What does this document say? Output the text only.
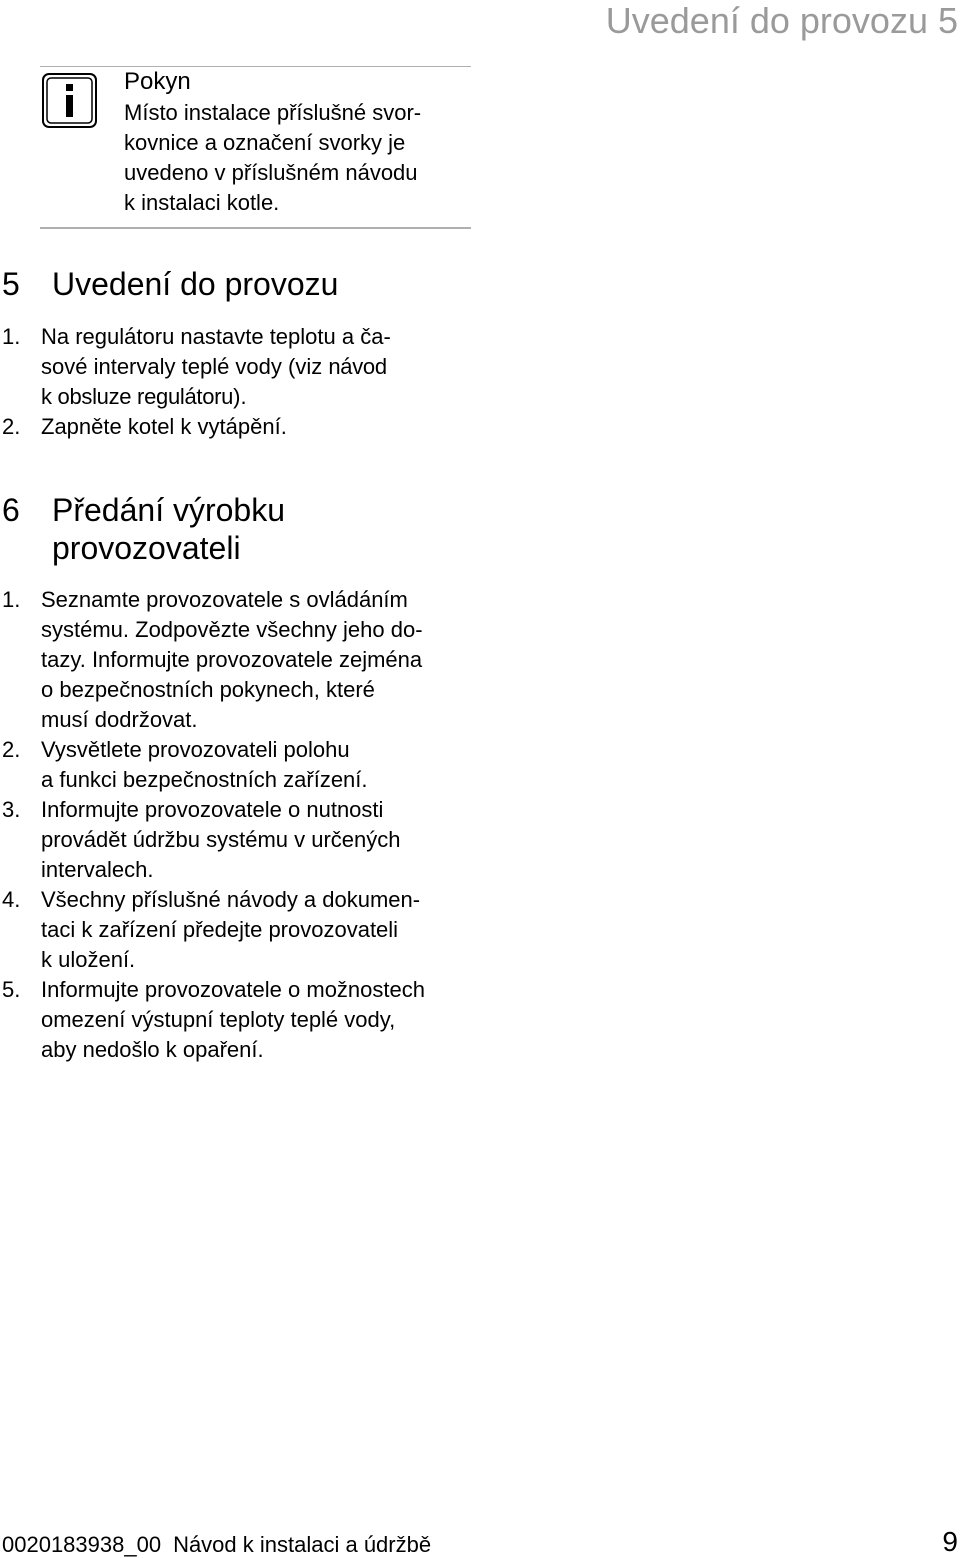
Uvedení do provozu 5
Pokyn
Místo instalace příslušné svor-
kovnice a označení svorky je
uvedeno v příslušném návodu
k instalaci kotle.
5 Uvedení do provozu
1. Na regulátoru nastavte teplotu a ča-
sové intervaly teplé vody (viz návod
k obsluze regulátoru).
2. Zapněte kotel k vytápění.
6 Předání výrobku
provozovateli
1. Seznamte provozovatele s ovládáním
systému. Zodpovězte všechny jeho do-
tazy. Informujte provozovatele zejména
o bezpečnostních pokynech, které
musí dodržovat.
2. Vysvětlete provozovateli polohu
a funkci bezpečnostních zařízení.
3. Informujte provozovatele o nutnosti
provádět údržbu systému v určených
intervalech.
4. Všechny příslušné návody a dokumen-
taci k zařízení předejte provozovateli
k uložení.
5. Informujte provozovatele o možnostech
omezení výstupní teploty teplé vody,
aby nedošlo k opaření.
0020183938_00 Návod k instalaci a údržbě	9
